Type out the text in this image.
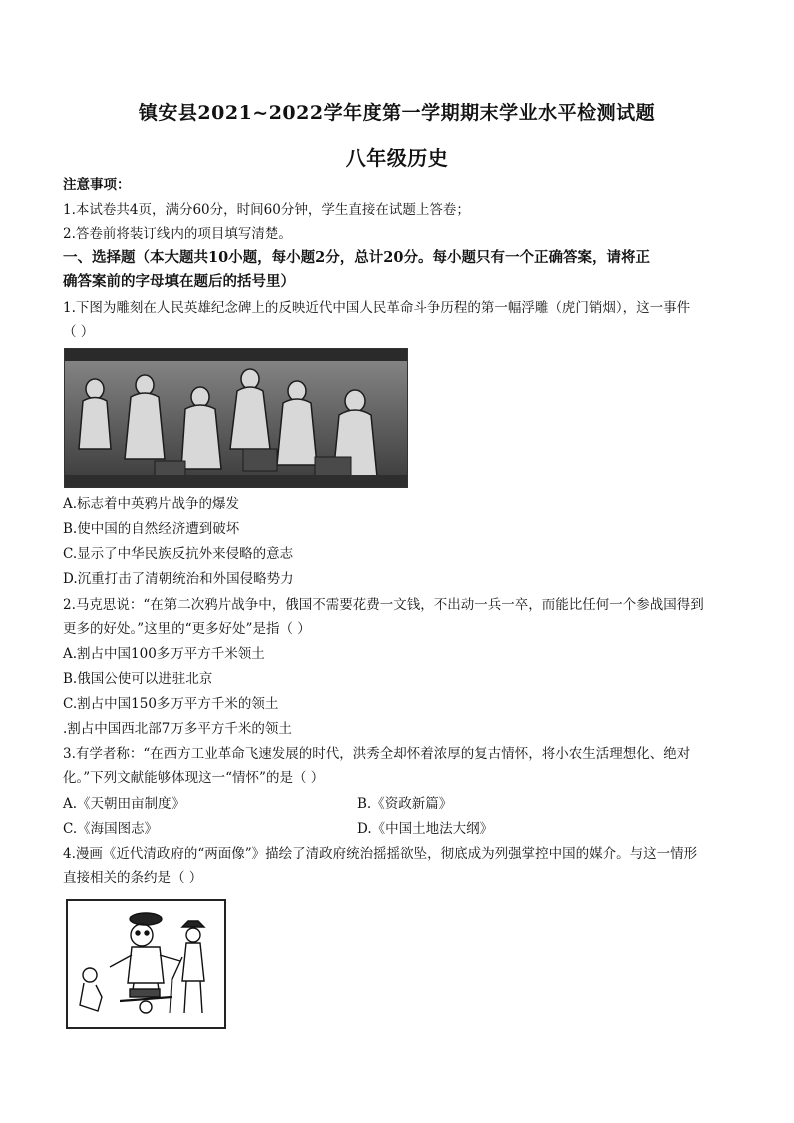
镇安县2021~2022学年度第一学期期末学业水平检测试题
八年级历史
注意事项：
1.本试卷共4页，满分60分，时间60分钟，学生直接在试题上答卷；
2.答卷前将装订线内的项目填写清楚。
一、选择题（本大题共10小题，每小题2分，总计20分。每小题只有一个正确答案，请将正
确答案前的字母填在题后的括号里）
1.下图为雕刻在人民英雄纪念碑上的反映近代中国人民革命斗争历程的第一幅浮雕（虎门销烟），这一事件
（ ）
A.标志着中英鸦片战争的爆发
B.使中国的自然经济遭到破坏
C.显示了中华民族反抗外来侵略的意志
D.沉重打击了清朝统治和外国侵略势力
2.马克思说：“在第二次鸦片战争中，俄国不需要花费一文钱，不出动一兵一卒，而能比任何一个参战国得到
更多的好处。”这里的“更多好处”是指（ ）
A.割占中国100多万平方千米领土
B.俄国公使可以进驻北京
C.割占中国150多万平方千米的领土
.割占中国西北部7万多平方千米的领土
3.有学者称：“在西方工业革命飞速发展的时代，洪秀全却怀着浓厚的复古情怀，将小农生活理想化、绝对
化。”下列文献能够体现这一“情怀”的是（ ）
A.《天朝田亩制度》	B.《资政新篇》
C.《海国图志》	D.《中国土地法大纲》
4.漫画《近代清政府的“两面像”》描绘了清政府统治摇摇欲坠，彻底成为列强掌控中国的媒介。与这一情形
直接相关的条约是（ ）
